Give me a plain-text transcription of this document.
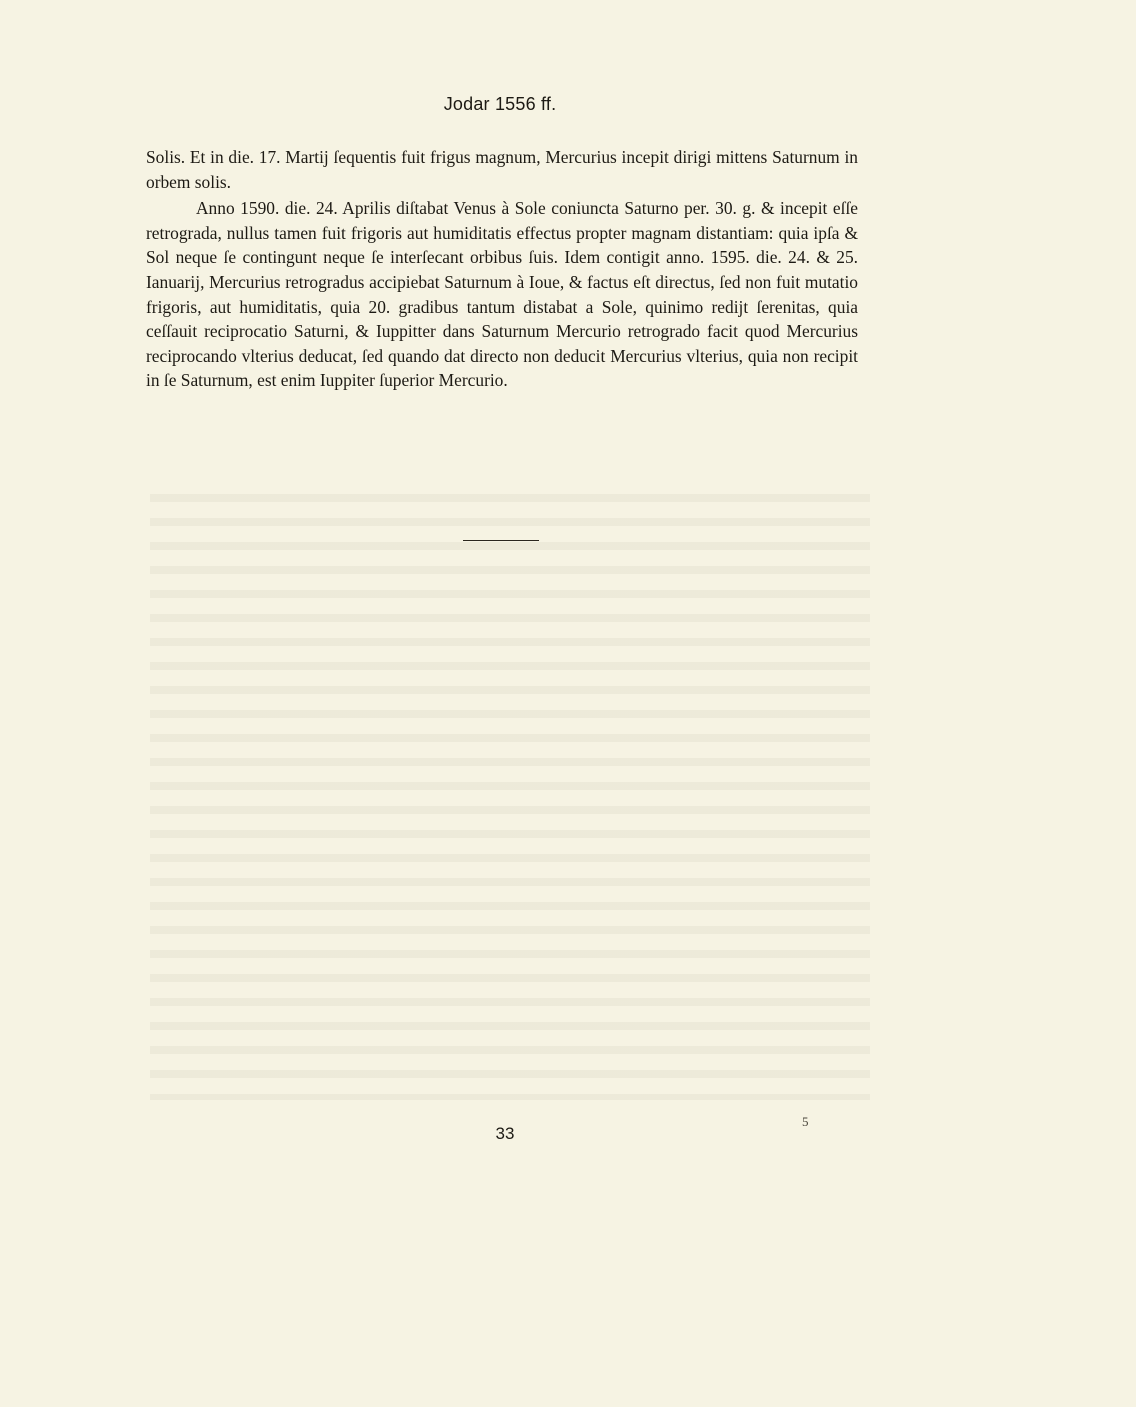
Jodar 1556 ff.

Solis. Et in die. 17. Martij ſequentis fuit frigus magnum, Mercurius incepit dirigi mittens Saturnum in orbem solis.

Anno 1590. die. 24. Aprilis diſtabat Venus à Sole coniuncta Saturno per. 30. g. & incepit eſſe retrograda, nullus tamen fuit frigoris aut humiditatis effectus propter magnam distantiam: quia ipſa & Sol neque ſe contingunt neque ſe interſecant orbibus ſuis. Idem contigit anno. 1595. die. 24. & 25. Ianuarij, Mercurius retrogradus accipiebat Saturnum à Ioue, & factus eſt directus, ſed non fuit mutatio frigoris, aut humiditatis, quia 20. gradibus tantum distabat a Sole, quinimo redijt ſerenitas, quia ceſſauit reciprocatio Saturni, & Iuppitter dans Saturnum Mercurio retrogrado facit quod Mercurius reciprocando vlterius deducat, ſed quando dat directo non deducit Mercurius vlterius, quia non recipit in ſe Saturnum, est enim Iuppiter ſuperior Mercurio.

33
5
